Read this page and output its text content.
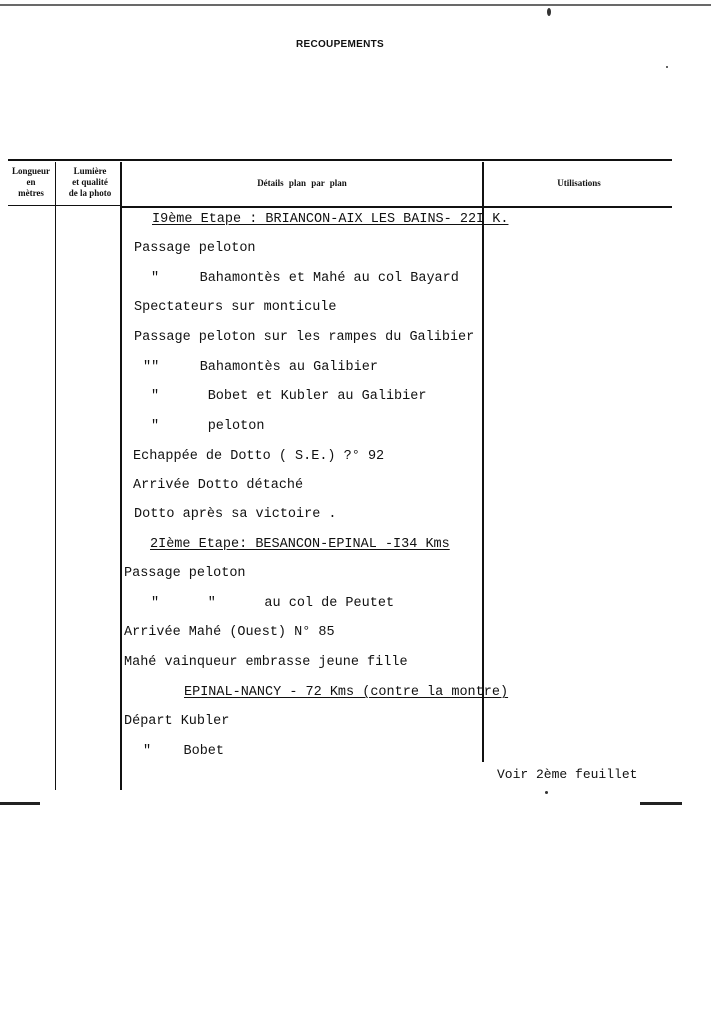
RECOUPEMENTS
Longueur
en
mètres
Lumière
et qualité
de la photo
Détails plan par plan	Utilisations
I9ème Etape : BRIANCON-AIX LES BAINS- 22I K.
Passage peloton
"     Bahamontès et Mahé au col Bayard
Spectateurs sur monticule
Passage peloton sur les rampes du Galibier
""     Bahamontès au Galibier
"      Bobet et Kubler au Galibier
"      peloton
Echappée de Dotto ( S.E.) ?° 92
Arrivée Dotto détaché
Dotto après sa victoire .
2Ième Etape: BESANCON-EPINAL -I34 Kms
Passage peloton
"      "      au col de Peutet
Arrivée Mahé (Ouest) N° 85
Mahé vainqueur embrasse jeune fille
EPINAL-NANCY - 72 Kms (contre la montre)
Départ Kubler
"    Bobet
Voir 2ème feuillet
